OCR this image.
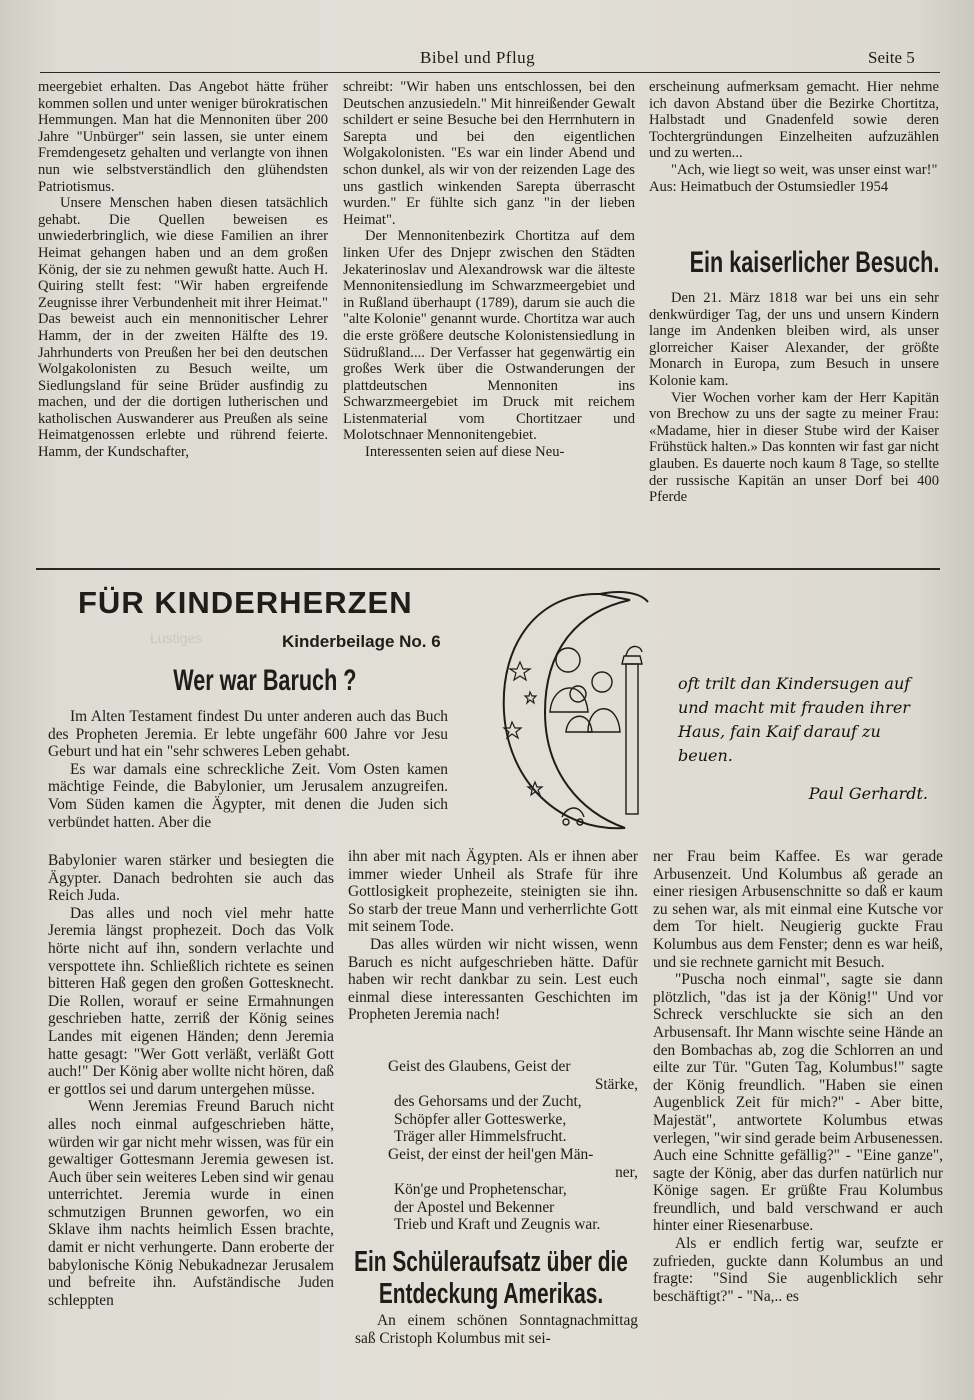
Bibel und Pflug	Seite 5

meergebiet erhalten. Das Angebot hätte früher kommen sollen und unter weniger bürokratischen Hemmungen. Man hat die Mennoniten über 200 Jahre "Unbürger" sein lassen, sie unter einem Fremdengesetz gehalten und verlangte von ihnen nun wie selbstverständlich den glühendsten Patriotismus.

Unsere Menschen haben diesen tatsächlich gehabt. Die Quellen beweisen es unwiederbringlich, wie diese Familien an ihrer Heimat gehangen haben und an dem großen König, der sie zu nehmen gewußt hatte. Auch H. Quiring stellt fest: "Wir haben ergreifende Zeugnisse ihrer Verbundenheit mit ihrer Heimat." Das beweist auch ein mennonitischer Lehrer Hamm, der in der zweiten Hälfte des 19. Jahrhunderts von Preußen her bei den deutschen Wolgakolonisten zu Besuch weilte, um Siedlungsland für seine Brüder ausfindig zu machen, und der die dortigen lutherischen und katholischen Auswanderer aus Preußen als seine Heimatgenossen erlebte und rührend feierte. Hamm, der Kundschafter,

schreibt: "Wir haben uns entschlossen, bei den Deutschen anzusiedeln." Mit hinreißender Gewalt schildert er seine Besuche bei den Herrnhutern in Sarepta und bei den eigentlichen Wolgakolonisten. "Es war ein linder Abend und schon dunkel, als wir von der reizenden Lage des uns gastlich winkenden Sarepta überrascht wurden." Er fühlte sich ganz "in der lieben Heimat".

Der Mennonitenbezirk Chortitza auf dem linken Ufer des Dnjepr zwischen den Städten Jekaterinoslav und Alexandrowsk war die älteste Mennonitensiedlung im Schwarzmeergebiet und in Rußland überhaupt (1789), darum sie auch die "alte Kolonie" genannt wurde. Chortitza war auch die erste größere deutsche Kolonistensiedlung in Südrußland.... Der Verfasser hat gegenwärtig ein großes Werk über die Ostwanderungen der plattdeutschen Mennoniten ins Schwarzmeergebiet im Druck mit reichem Listenmaterial vom Chortitzaer und Molotschnaer Mennonitengebiet.

Interessenten seien auf diese Neu-

erscheinung aufmerksam gemacht. Hier nehme ich davon Abstand über die Bezirke Chortitza, Halbstadt und Gnadenfeld sowie deren Tochtergründungen Einzelheiten aufzuzählen und zu werten...

"Ach, wie liegt so weit, was unser einst war!"

Aus: Heimatbuch der Ostumsiedler 1954

Ein kaiserlicher Besuch.

Den 21. März 1818 war bei uns ein sehr denkwürdiger Tag, der uns und unsern Kindern lange im Andenken bleiben wird, als unser glorreicher Kaiser Alexander, der größte Monarch in Europa, zum Besuch in unsere Kolonie kam.

Vier Wochen vorher kam der Herr Kapitän von Brechow zu uns der sagte zu meiner Frau: «Madame, hier in dieser Stube wird der Kaiser Frühstück halten.» Das konnten wir fast gar nicht glauben. Es dauerte noch kaum 8 Tage, so stellte der russische Kapitän an unser Dorf bei 400 Pferde

Lustiges
FÜR KINDERHERZEN
Kinderbeilage No. 6
Wer war Baruch ?

Im Alten Testament findest Du unter anderen auch das Buch des Propheten Jeremia. Er lebte ungefähr 600 Jahre vor Jesu Geburt und hat ein "sehr schweres Leben gehabt.

Es war damals eine schreckliche Zeit. Vom Osten kamen mächtige Feinde, die Babylonier, um Jerusalem anzugreifen. Vom Süden kamen die Ägypter, mit denen die Juden sich verbündet hatten. Aber die

Babylonier waren stärker und besiegten die Ägypter. Danach bedrohten sie auch das Reich Juda.

Das alles und noch viel mehr hatte Jeremia längst prophezeit. Doch das Volk hörte nicht auf ihn, sondern verlachte und verspottete ihn. Schließlich richtete es seinen bitteren Haß gegen den großen Gottesknecht. Die Rollen, worauf er seine Ermahnungen geschrieben hatte, zerriß der König seines Landes mit eigenen Händen; denn Jeremia hatte gesagt: "Wer Gott verläßt, verläßt Gott auch!" Der König aber wollte nicht hören, daß er gottlos sei und darum untergehen müsse.

Wenn Jeremias Freund Baruch nicht alles noch einmal aufgeschrieben hätte, würden wir gar nicht mehr wissen, was für ein gewaltiger Gottesmann Jeremia gewesen ist. Auch über sein weiteres Leben sind wir genau unterrichtet. Jeremia wurde in einen schmutzigen Brunnen geworfen, wo ein Sklave ihm nachts heimlich Essen brachte, damit er nicht verhungerte. Dann eroberte der babylonische König Nebukadnezar Jerusalem und befreite ihn. Aufständische Juden schleppten

ihn aber mit nach Ägypten. Als er ihnen aber immer wieder Unheil als Strafe für ihre Gottlosigkeit prophezeite, steinigten sie ihn. So starb der treue Mann und verherrlichte Gott mit seinem Tode.

Das alles würden wir nicht wissen, wenn Baruch es nicht aufgeschrieben hätte. Dafür haben wir recht dankbar zu sein. Lest euch einmal diese interessanten Geschichten im Propheten Jeremia nach!

Geist des Glaubens, Geist der
Stärke,
des Gehorsams und der Zucht,
Schöpfer aller Gotteswerke,
Träger aller Himmelsfrucht.
Geist, der einst der heil'gen Män-
ner,
Kön'ge und Prophetenschar,
der Apostel und Bekenner
Trieb und Kraft und Zeugnis war.
Ein Schüleraufsatz über die Entdeckung Amerikas.

An einem schönen Sonntagnachmittag saß Cristoph Kolumbus mit sei-

ner Frau beim Kaffee. Es war gerade Arbusenzeit. Und Kolumbus aß gerade an einer riesigen Arbusenschnitte so daß er kaum zu sehen war, als mit einmal eine Kutsche vor dem Tor hielt. Neugierig guckte Frau Kolumbus aus dem Fenster; denn es war heiß, und sie rechnete garnicht mit Besuch.

"Puscha noch einmal", sagte sie dann plötzlich, "das ist ja der König!" Und vor Schreck verschluckte sie sich an den Arbusensaft. Ihr Mann wischte seine Hände an den Bombachas ab, zog die Schlorren an und eilte zur Tür. "Guten Tag, Kolumbus!" sagte der König freundlich. "Haben sie einen Augenblick Zeit für mich?" - Aber bitte, Majestät", antwortete Kolumbus etwas verlegen, "wir sind gerade beim Arbusenessen. Auch eine Schnitte gefällig?" - "Eine ganze", sagte der König, aber das durfen natürlich nur Könige sagen. Er grüßte Frau Kolumbus freundlich, und bald verschwand er auch hinter einer Riesenarbuse.

Als er endlich fertig war, seufzte er zufrieden, guckte dann Kolumbus an und fragte: "Sind Sie augenblicklich sehr beschäftigt?" - "Na,.. es

oft trilt dan Kindersugen auf und macht mit frauden ihrer Haus, fain Kaif darauf zu beuen.
Paul Gerhardt.
